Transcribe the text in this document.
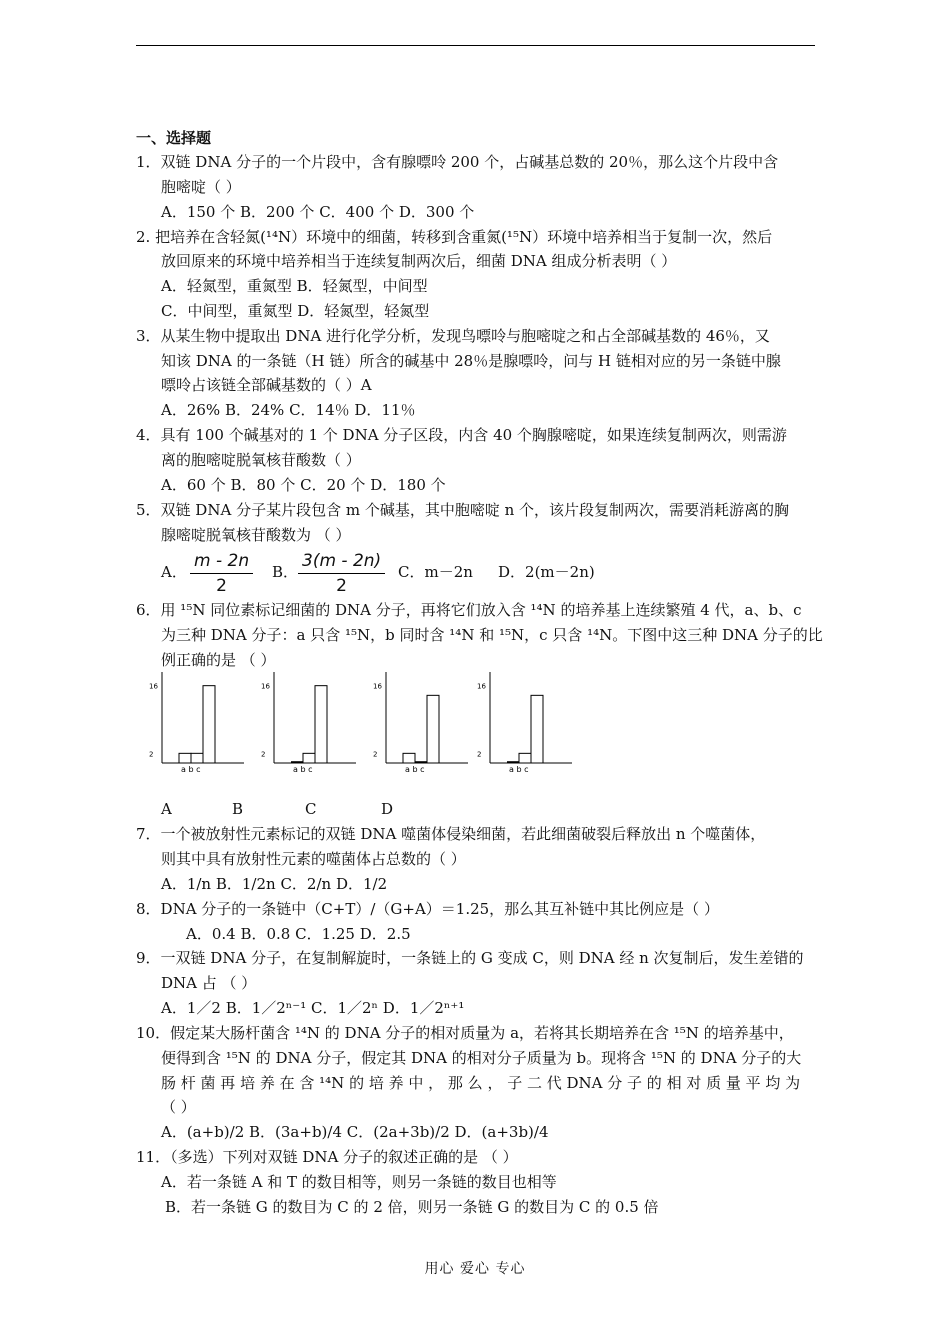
一、选择题
1．双链 DNA 分子的一个片段中，含有腺嘌呤 200 个，占碱基总数的 20％，那么这个片段中含
胞嘧啶（ ）
A．150 个 B．200 个 C．400 个 D．300 个
2. 把培养在含轻氮(¹⁴N）环境中的细菌，转移到含重氮(¹⁵N）环境中培养相当于复制一次，然后
放回原来的环境中培养相当于连续复制两次后，细菌 DNA 组成分析表明（ ）
A．轻氮型，重氮型 B．轻氮型，中间型
C．中间型，重氮型 D．轻氮型，轻氮型
3．从某生物中提取出 DNA 进行化学分析，发现鸟嘌呤与胞嘧啶之和占全部碱基数的 46％，又
知该 DNA 的一条链（H 链）所含的碱基中 28％是腺嘌呤，问与 H 链相对应的另一条链中腺
嘌呤占该链全部碱基数的（ ）A
A．26% B．24% C．14％ D．11％
4．具有 100 个碱基对的 1 个 DNA 分子区段，内含 40 个胸腺嘧啶，如果连续复制两次，则需游
离的胞嘧啶脱氧核苷酸数（ ）
A．60 个 B．80 个 C．20 个 D．180 个
5．双链 DNA 分子某片段包含 m 个碱基，其中胞嘧啶 n 个，该片段复制两次，需要消耗游离的胸
腺嘧啶脱氧核苷酸数为 （ ）
A． $\frac{m - 2n}{2}$ B． $\frac{3(m - 2n)}{2}$ C．m－2n D．2(m－2n)
6．用 ¹⁵N 同位素标记细菌的 DNA 分子，再将它们放入含 ¹⁴N 的培养基上连续繁殖 4 代，a、b、c
为三种 DNA 分子：a 只含 ¹⁵N，b 同时含 ¹⁴N 和 ¹⁵N，c 只含 ¹⁴N。下图中这三种 DNA 分子的比
例正确的是 （ ）
2
16
a b c
2
16
a b c
2
16
a b c
2
16
a b c
A	B	C	D
7．一个被放射性元素标记的双链 DNA 噬菌体侵染细菌，若此细菌破裂后释放出 n 个噬菌体，
则其中具有放射性元素的噬菌体占总数的（ ）
A．1/n B．1/2n C．2/n D．1/2
8．DNA 分子的一条链中（C+T）/（G+A）＝1.25，那么其互补链中其比例应是（ ）
A．0.4 B．0.8 C．1.25 D．2.5
9．一双链 DNA 分子，在复制解旋时，一条链上的 G 变成 C，则 DNA 经 n 次复制后，发生差错的
DNA 占 （ ）
A．1／2 B．1／2ⁿ⁻¹ C．1／2ⁿ D．1／2ⁿ⁺¹
10．假定某大肠杆菌含 ¹⁴N 的 DNA 分子的相对质量为 a，若将其长期培养在含 ¹⁵N 的培养基中，
便得到含 ¹⁵N 的 DNA 分子，假定其 DNA 的相对分子质量为 b。现将含 ¹⁵N 的 DNA 分子的大
肠 杆 菌 再 培 养 在 含 ¹⁴N 的 培 养 中 ， 那 么 ， 子 二 代 DNA 分 子 的 相 对 质 量 平 均 为
（ ）
A．(a+b)/2 B．(3a+b)/4 C．(2a+3b)/2 D．(a+3b)/4
11．（多选）下列对双链 DNA 分子的叙述正确的是 （ ）
A．若一条链 A 和 T 的数目相等，则另一条链的数目也相等
B．若一条链 G 的数目为 C 的 2 倍，则另一条链 G 的数目为 C 的 0.5 倍
用心 爱心 专心
